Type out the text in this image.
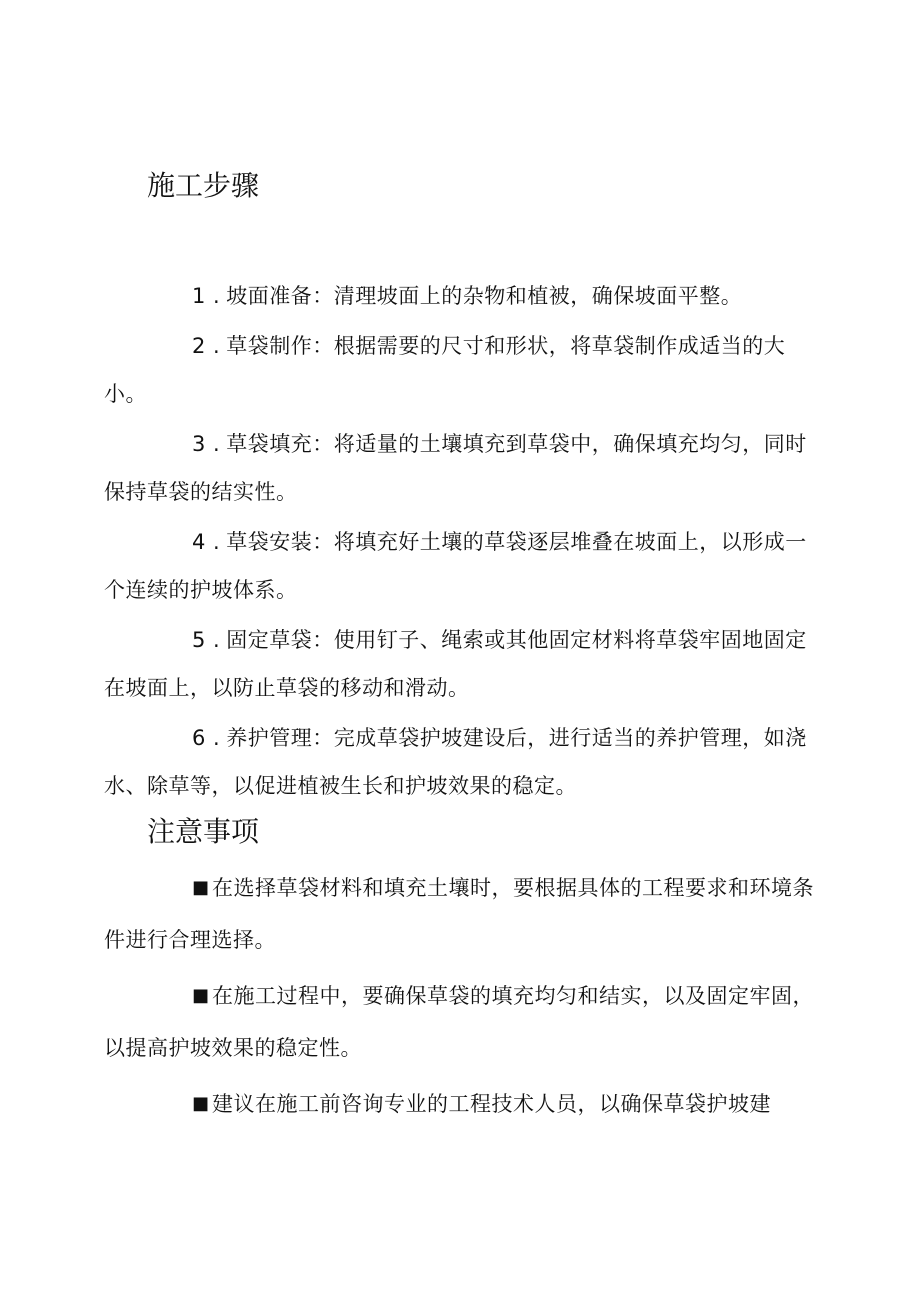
施工步骤
1 . 坡面准备：清理坡面上的杂物和植被，确保坡面平整。
2 . 草袋制作：根据需要的尺寸和形状，将草袋制作成适当的大小。
3 . 草袋填充：将适量的土壤填充到草袋中，确保填充均匀，同时保持草袋的结实性。
4 . 草袋安装：将填充好土壤的草袋逐层堆叠在坡面上，以形成一个连续的护坡体系。
5 . 固定草袋：使用钉子、绳索或其他固定材料将草袋牢固地固定在坡面上，以防止草袋的移动和滑动。
6 . 养护管理：完成草袋护坡建设后，进行适当的养护管理，如浇水、除草等，以促进植被生长和护坡效果的稳定。
注意事项
■ 在选择草袋材料和填充土壤时，要根据具体的工程要求和环境条件进行合理选择。
■ 在施工过程中，要确保草袋的填充均匀和结实，以及固定牢固，以提高护坡效果的稳定性。
■ 建议在施工前咨询专业的工程技术人员，以确保草袋护坡建
